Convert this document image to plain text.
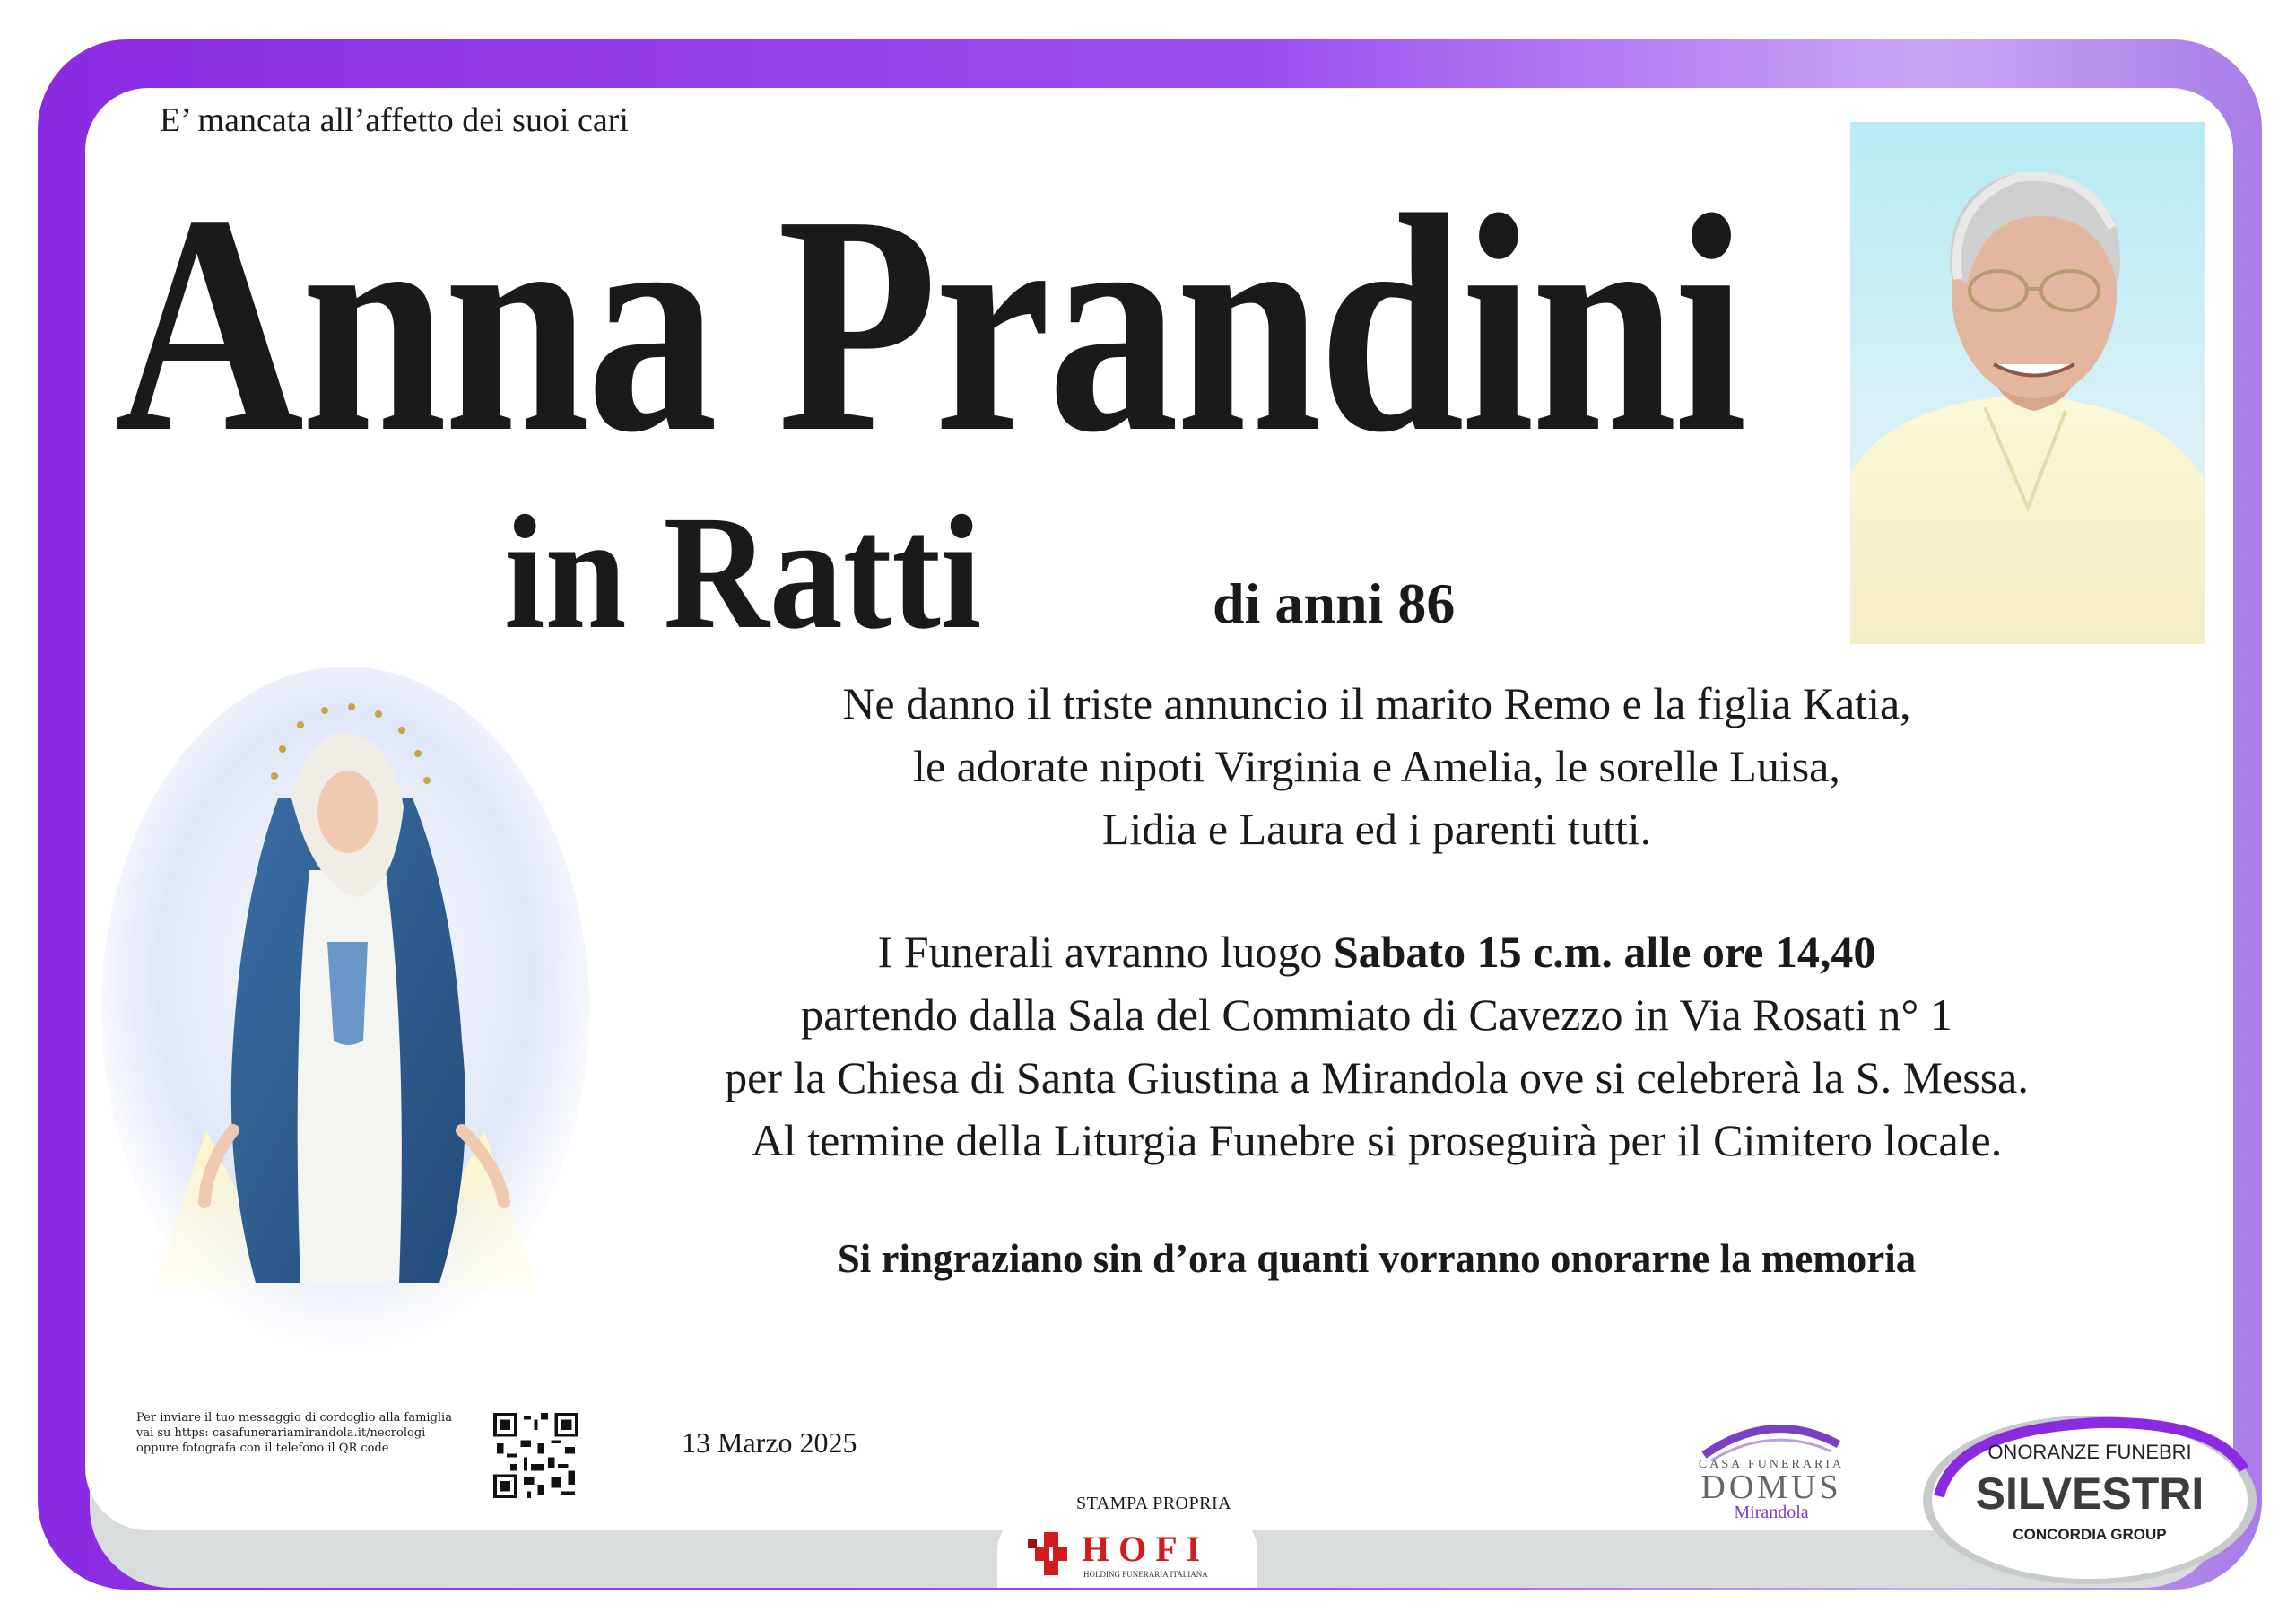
E’ mancata all’affetto dei suoi cari
Anna Prandini
in Ratti	di anni 86
Ne danno il triste annuncio il marito Remo e la figlia Katia,
le adorate nipoti Virginia e Amelia, le sorelle Luisa,
Lidia e Laura ed i parenti tutti.
I Funerali avranno luogo Sabato 15 c.m. alle ore 14,40
partendo dalla Sala del Commiato di Cavezzo in Via Rosati n° 1
per la Chiesa di Santa Giustina a Mirandola ove si celebrerà la S. Messa.
Al termine della Liturgia Funebre si proseguirà per il Cimitero locale.
Si ringraziano sin d’ora quanti vorranno onorarne la memoria
Per inviare il tuo messaggio di cordoglio alla famiglia
vai su https: casafunerariamirandola.it/necrologi
oppure fotografa con il telefono il QR code	13 Marzo 2025
HOFI
HOLDING FUNERARIA ITALIANA
STAMPA PROPRIA
CASA FUNERARIA
DOMUS
Mirandola
ONORANZE FUNEBRI
SILVESTRI
CONCORDIA GROUP
